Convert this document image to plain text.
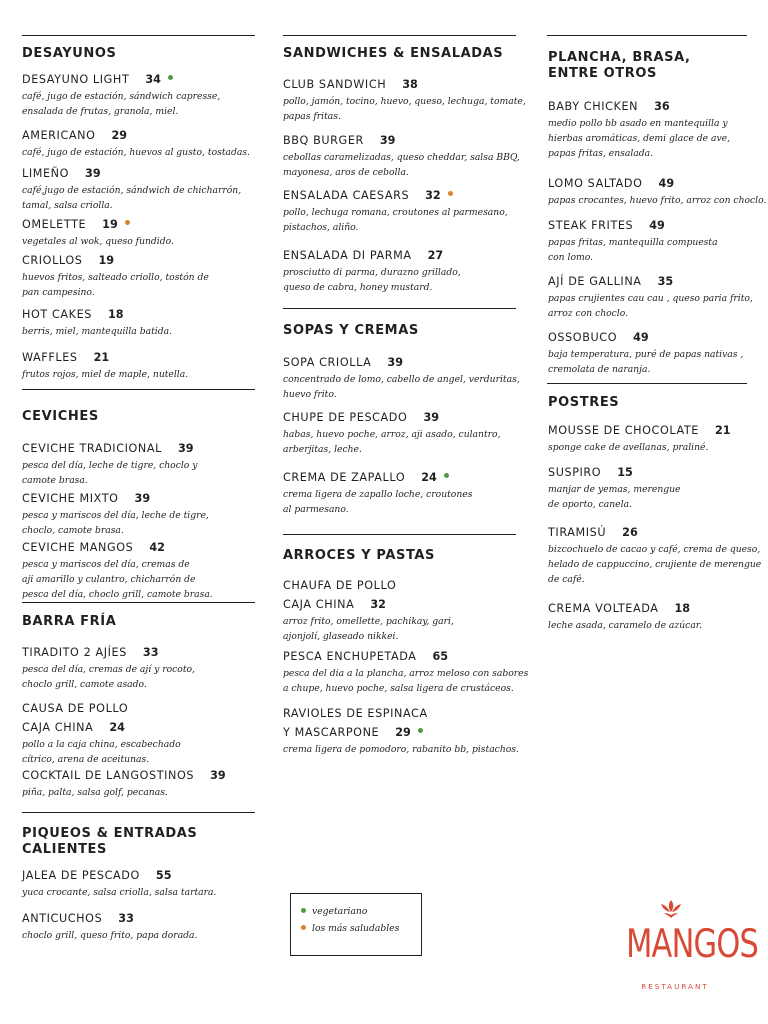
DESAYUNOS
DESAYUNO LIGHT 34
café, jugo de estación, sándwich capresse,
ensalada de frutas, granola, miel.
AMERICANO 29
café, jugo de estación, huevos al gusto, tostadas.
LIMEÑO 39
café,jugo de estación, sándwich de chicharrón,
tamal, salsa criolla.
OMELETTE 19
vegetales al wok, queso fundido.
CRIOLLOS 19
huevos fritos, salteado criollo, tostón de
pan campesino.
HOT CAKES 18
berris, miel, mantequilla batida.
WAFFLES 21
frutos rojos, miel de maple, nutella.
CEVICHES
CEVICHE TRADICIONAL 39
pesca del día, leche de tigre, choclo y
camote brasa.
CEVICHE MIXTO 39
pesca y mariscos del día, leche de tigre,
choclo, camote brasa.
CEVICHE MANGOS 42
pesca y mariscos del día, cremas de
aji amarillo y culantro, chicharrón de
pesca del día, choclo grill, camote brasa.
BARRA FRÍA
TIRADITO 2 AJÍES 33
pesca del día, cremas de ají y rocoto,
choclo grill, camote asado.
CAUSA DE POLLO
CAJA CHINA 24
pollo a la caja china, escabechado
cítrico, arena de aceitunas.
COCKTAIL DE LANGOSTINOS 39
piña, palta, salsa golf, pecanas.
PIQUEOS & ENTRADAS
CALIENTES
JALEA DE PESCADO 55
yuca crocante, salsa criolla, salsa tartara.
ANTICUCHOS 33
choclo grill, queso frito, papa dorada.
SANDWICHES & ENSALADAS
CLUB SANDWICH 38
pollo, jamón, tocino, huevo, queso, lechuga, tomate,
papas fritas.
BBQ BURGER 39
cebollas caramelizadas, queso cheddar, salsa BBQ,
mayonesa, aros de cebolla.
ENSALADA CAESARS 32
pollo, lechuga romana, croutones al parmesano,
pistachos, aliño.
ENSALADA DI PARMA 27
prosciutto di parma, durazno grillado,
queso de cabra, honey mustard.
SOPAS Y CREMAS
SOPA CRIOLLA 39
concentrado de lomo, cabello de angel, verduritas,
huevo frito.
CHUPE DE PESCADO 39
habas, huevo poche, arroz, aji asado, culantro,
arberjitas, leche.
CREMA DE ZAPALLO 24
crema ligera de zapallo loche, croutones
al parmesano.
ARROCES Y PASTAS
CHAUFA DE POLLO
CAJA CHINA 32
arroz frito, omellette, pachikay, gari,
ajonjolí, glaseado nikkei.
PESCA ENCHUPETADA 65
pesca del dia a la plancha, arroz meloso con sabores
a chupe, huevo poche, salsa ligera de crustáceos.
RAVIOLES DE ESPINACA
Y MASCARPONE 29
crema ligera de pomodoro, rabanito bb, pistachos.
vegetariano
los más saludables
PLANCHA, BRASA,
ENTRE OTROS
BABY CHICKEN 36
medio pollo bb asado en mantequilla y
hierbas aromáticas, demi glace de ave,
papas fritas, ensalada.
LOMO SALTADO 49
papas crocantes, huevo frito, arroz con choclo.
STEAK FRITES 49
papas fritas, mantequilla compuesta
con lomo.
AJÍ DE GALLINA 35
papas crujientes cau cau , queso paria frito,
arroz con choclo.
OSSOBUCO 49
baja temperatura, puré de papas nativas ,
cremolata de naranja.
POSTRES
MOUSSE DE CHOCOLATE 21
sponge cake de avellanas, praliné.
SUSPIRO 15
manjar de yemas, merengue
de oporto, canela.
TIRAMISÚ 26
bizcochuelo de cacao y café, crema de queso,
helado de cappuccino, crujiente de merengue
de café.
CREMA VOLTEADA 18
leche asada, caramelo de azúcar.
MANGOS
RESTAURANT
